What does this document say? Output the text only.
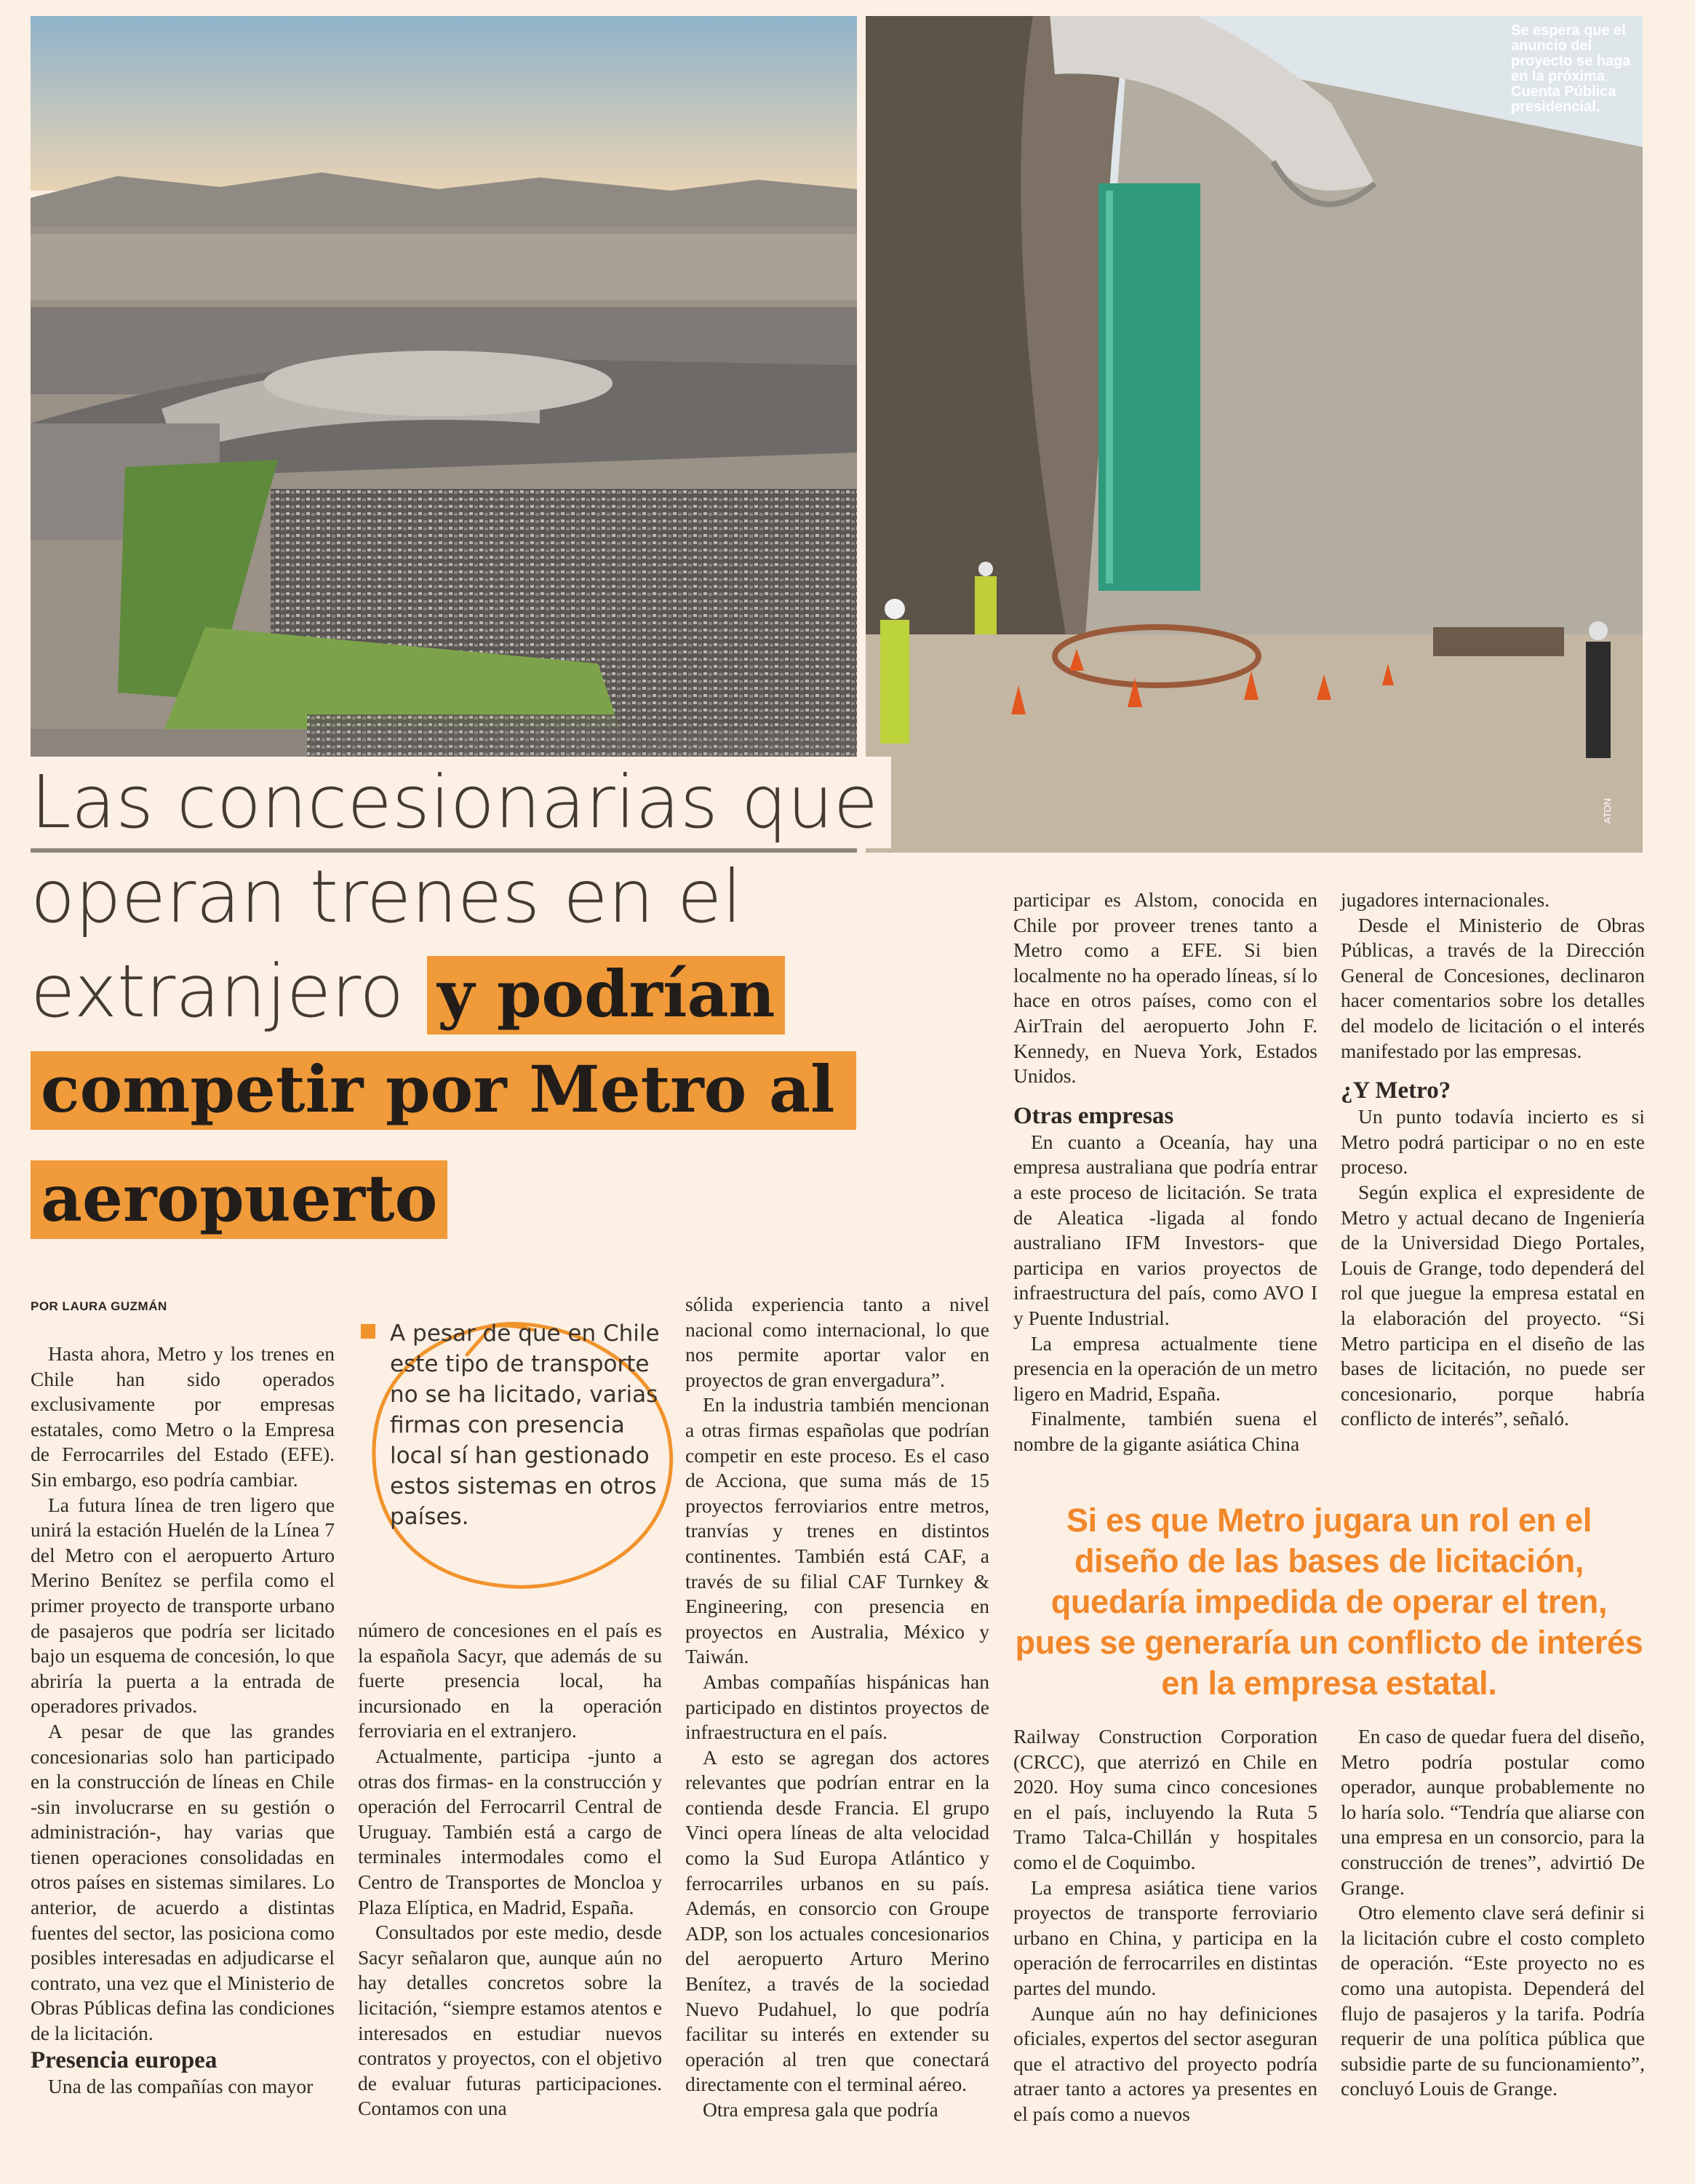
Se espera que el anuncio del proyecto se haga en la próxima Cuenta Pública presidencial.
ATON
Las concesionarias que
operan trenes en el
extranjero y podrían
competir por Metro al
aeropuerto
POR LAURA GUZMÁN

Hasta ahora, Metro y los trenes en Chile han sido operados exclusivamente por empresas estatales, como Metro o la Empresa de Ferrocarriles del Estado (EFE). Sin embargo, eso podría cambiar.

La futura línea de tren ligero que unirá la estación Huelén de la Línea 7 del Metro con el aeropuerto Arturo Merino Benítez se perfila como el primer proyecto de transporte urbano de pasajeros que podría ser licitado bajo un esquema de concesión, lo que abriría la puerta a la entrada de operadores privados.

A pesar de que las grandes concesionarias solo han participado en la construcción de líneas en Chile -sin involucrarse en su gestión o administración-, hay varias que tienen operaciones consolidadas en otros países en sistemas similares. Lo anterior, de acuerdo a distintas fuentes del sector, las posiciona como posibles interesadas en adjudicarse el contrato, una vez que el Ministerio de Obras Públicas defina las condiciones de la licitación.

Presencia europea

Una de las compañías con mayor

A pesar de que en Chile este tipo de transporte no se ha licitado, varias firmas con presencia local sí han gestionado estos sistemas en otros países.

número de concesiones en el país es la española Sacyr, que además de su fuerte presencia local, ha incursionado en la operación ferroviaria en el extranjero.

Actualmente, participa -junto a otras dos firmas- en la construcción y operación del Ferrocarril Central de Uruguay. También está a cargo de terminales intermodales como el Centro de Transportes de Moncloa y Plaza Elíptica, en Madrid, España.

Consultados por este medio, desde Sacyr señalaron que, aunque aún no hay detalles concretos sobre la licitación, “siempre estamos atentos e interesados en estudiar nuevos contratos y proyectos, con el objetivo de evaluar futuras participaciones. Contamos con una

sólida experiencia tanto a nivel nacional como internacional, lo que nos permite aportar valor en proyectos de gran envergadura”.

En la industria también mencionan a otras firmas españolas que podrían competir en este proceso. Es el caso de Acciona, que suma más de 15 proyectos ferroviarios entre metros, tranvías y trenes en distintos continentes. También está CAF, a través de su filial CAF Turnkey & Engineering, con presencia en proyectos en Australia, México y Taiwán.

Ambas compañías hispánicas han participado en distintos proyectos de infraestructura en el país.

A esto se agregan dos actores relevantes que podrían entrar en la contienda desde Francia. El grupo Vinci opera líneas de alta velocidad como la Sud Europa Atlántico y ferrocarriles urbanos en su país. Además, en consorcio con Groupe ADP, son los actuales concesionarios del aeropuerto Arturo Merino Benítez, a través de la sociedad Nuevo Pudahuel, lo que podría facilitar su interés en extender su operación al tren que conectará directamente con el terminal aéreo.

Otra empresa gala que podría

participar es Alstom, conocida en Chile por proveer trenes tanto a Metro como a EFE. Si bien localmente no ha operado líneas, sí lo hace en otros países, como con el AirTrain del aeropuerto John F. Kennedy, en Nueva York, Estados Unidos.

Otras empresas

En cuanto a Oceanía, hay una empresa australiana que podría entrar a este proceso de licitación. Se trata de Aleatica -ligada al fondo australiano IFM Investors- que participa en varios proyectos de infraestructura del país, como AVO I y Puente Industrial.

La empresa actualmente tiene presencia en la operación de un metro ligero en Madrid, España.

Finalmente, también suena el nombre de la gigante asiática China

jugadores internacionales.

Desde el Ministerio de Obras Públicas, a través de la Dirección General de Concesiones, declinaron hacer comentarios sobre los detalles del modelo de licitación o el interés manifestado por las empresas.

¿Y Metro?

Un punto todavía incierto es si Metro podrá participar o no en este proceso.

Según explica el expresidente de Metro y actual decano de Ingeniería de la Universidad Diego Portales, Louis de Grange, todo dependerá del rol que juegue la empresa estatal en la elaboración del proyecto. “Si Metro participa en el diseño de las bases de licitación, no puede ser concesionario, porque habría conflicto de interés”, señaló.

Si es que Metro jugara un rol en el diseño de las bases de licitación, quedaría impedida de operar el tren, pues se generaría un conflicto de interés en la empresa estatal.

Railway Construction Corporation (CRCC), que aterrizó en Chile en 2020. Hoy suma cinco concesiones en el país, incluyendo la Ruta 5 Tramo Talca-Chillán y hospitales como el de Coquimbo.

La empresa asiática tiene varios proyectos de transporte ferroviario urbano en China, y participa en la operación de ferrocarriles en distintas partes del mundo.

Aunque aún no hay definiciones oficiales, expertos del sector aseguran que el atractivo del proyecto podría atraer tanto a actores ya presentes en el país como a nuevos

En caso de quedar fuera del diseño, Metro podría postular como operador, aunque probablemente no lo haría solo. “Tendría que aliarse con una empresa en un consorcio, para la construcción de trenes”, advirtió De Grange.

Otro elemento clave será definir si la licitación cubre el costo completo de operación. “Este proyecto no es como una autopista. Dependerá del flujo de pasajeros y la tarifa. Podría requerir de una política pública que subsidie parte de su funcionamiento”, concluyó Louis de Grange.
